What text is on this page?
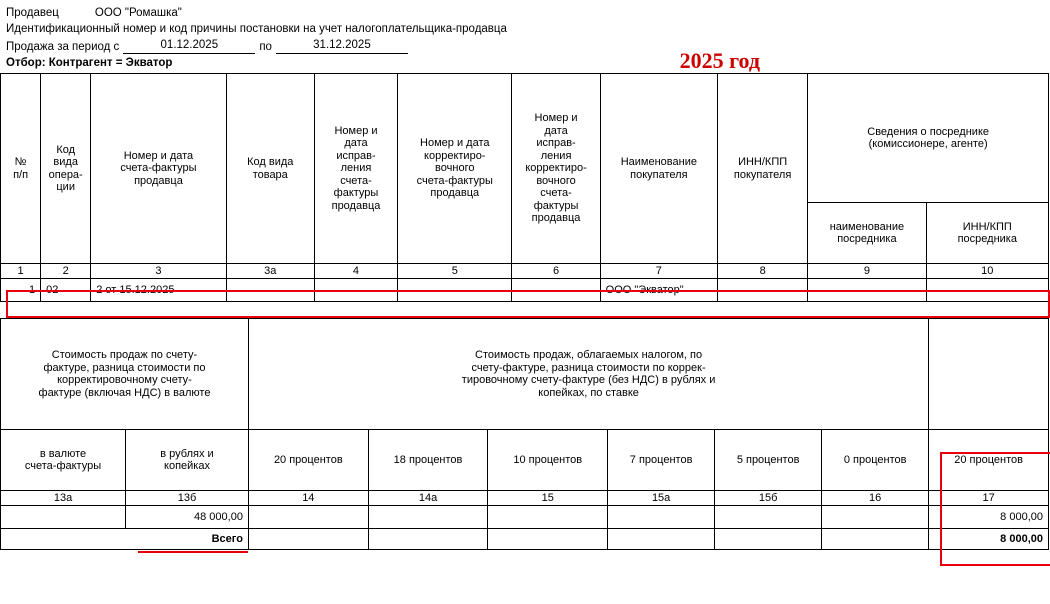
Продавец	ООО "Ромашка"
Идентификационный номер и код причины постановки на учет налогоплательщика-продавца
Продажа за период с	01.12.2025	по	31.12.2025
Отбор: Контрагент = Экватор	2025 год
№
п/п

Код
вида
опера-
ции

Номер и дата
счета-фактуры
продавца

Код вида
товара

Номер и
дата
исправ-
ления
счета-
фактуры
продавца

Номер и дата
корректиро-
вочного
счета-фактуры
продавца

Номер и
дата
исправ-
ления
корректиро-
вочного
счета-
фактуры
продавца

Наименование
покупателя

ИНН/КПП
покупателя

Сведения о посреднике
(комиссионере, агенте)

наименование
посредника

ИНН/КПП
посредника

1	2	3	3а	4	5	6	7	8	9	10
1	02	2 от 15.12.2025					ООО "Экватор"			

Стоимость продаж по счету-
фактуре, разница стоимости по
корректировочному счету-
фактуре (включая НДС) в валюте

Стоимость продаж, облагаемых налогом, по
счету-фактуре, разница стоимости по коррек-
тировочному счету-фактуре (без НДС) в рублях и
копейках, по ставке

в валюте
счета-фактуры

в рублях и
копейках

20 процентов	18 процентов	10 процентов	7 процентов	5 процентов	0 процентов	20 процентов

13а	13б	14	14а	15	15а	15б	16	17
	48 000,00							8 000,00
Всего								8 000,00
